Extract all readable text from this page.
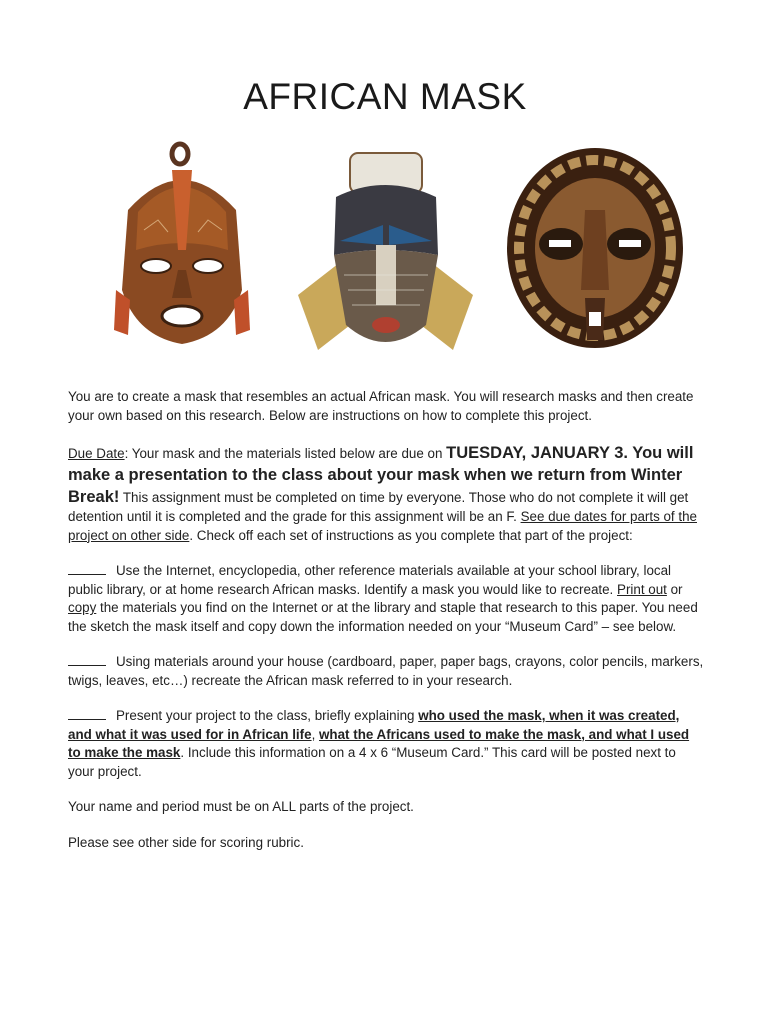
AFRICAN MASK

You are to create a mask that resembles an actual African mask. You will research masks and then create your own based on this research. Below are instructions on how to complete this project.

Due Date: Your mask and the materials listed below are due on TUESDAY, JANUARY 3. You will make a presentation to the class about your mask when we return from Winter Break! This assignment must be completed on time by everyone. Those who do not complete it will get detention until it is completed and the grade for this assignment will be an F. See due dates for parts of the project on other side. Check off each set of instructions as you complete that part of the project:

Use the Internet, encyclopedia, other reference materials available at your school library, local public library, or at home research African masks. Identify a mask you would like to recreate. Print out or copy the materials you find on the Internet or at the library and staple that research to this paper. You need the sketch the mask itself and copy down the information needed on your “Museum Card” – see below.

Using materials around your house (cardboard, paper, paper bags, crayons, color pencils, markers, twigs, leaves, etc…) recreate the African mask referred to in your research.

Present your project to the class, briefly explaining who used the mask, when it was created, and what it was used for in African life, what the Africans used to make the mask, and what I used to make the mask. Include this information on a 4 x 6 “Museum Card.” This card will be posted next to your project.

Your name and period must be on ALL parts of the project.

Please see other side for scoring rubric.
